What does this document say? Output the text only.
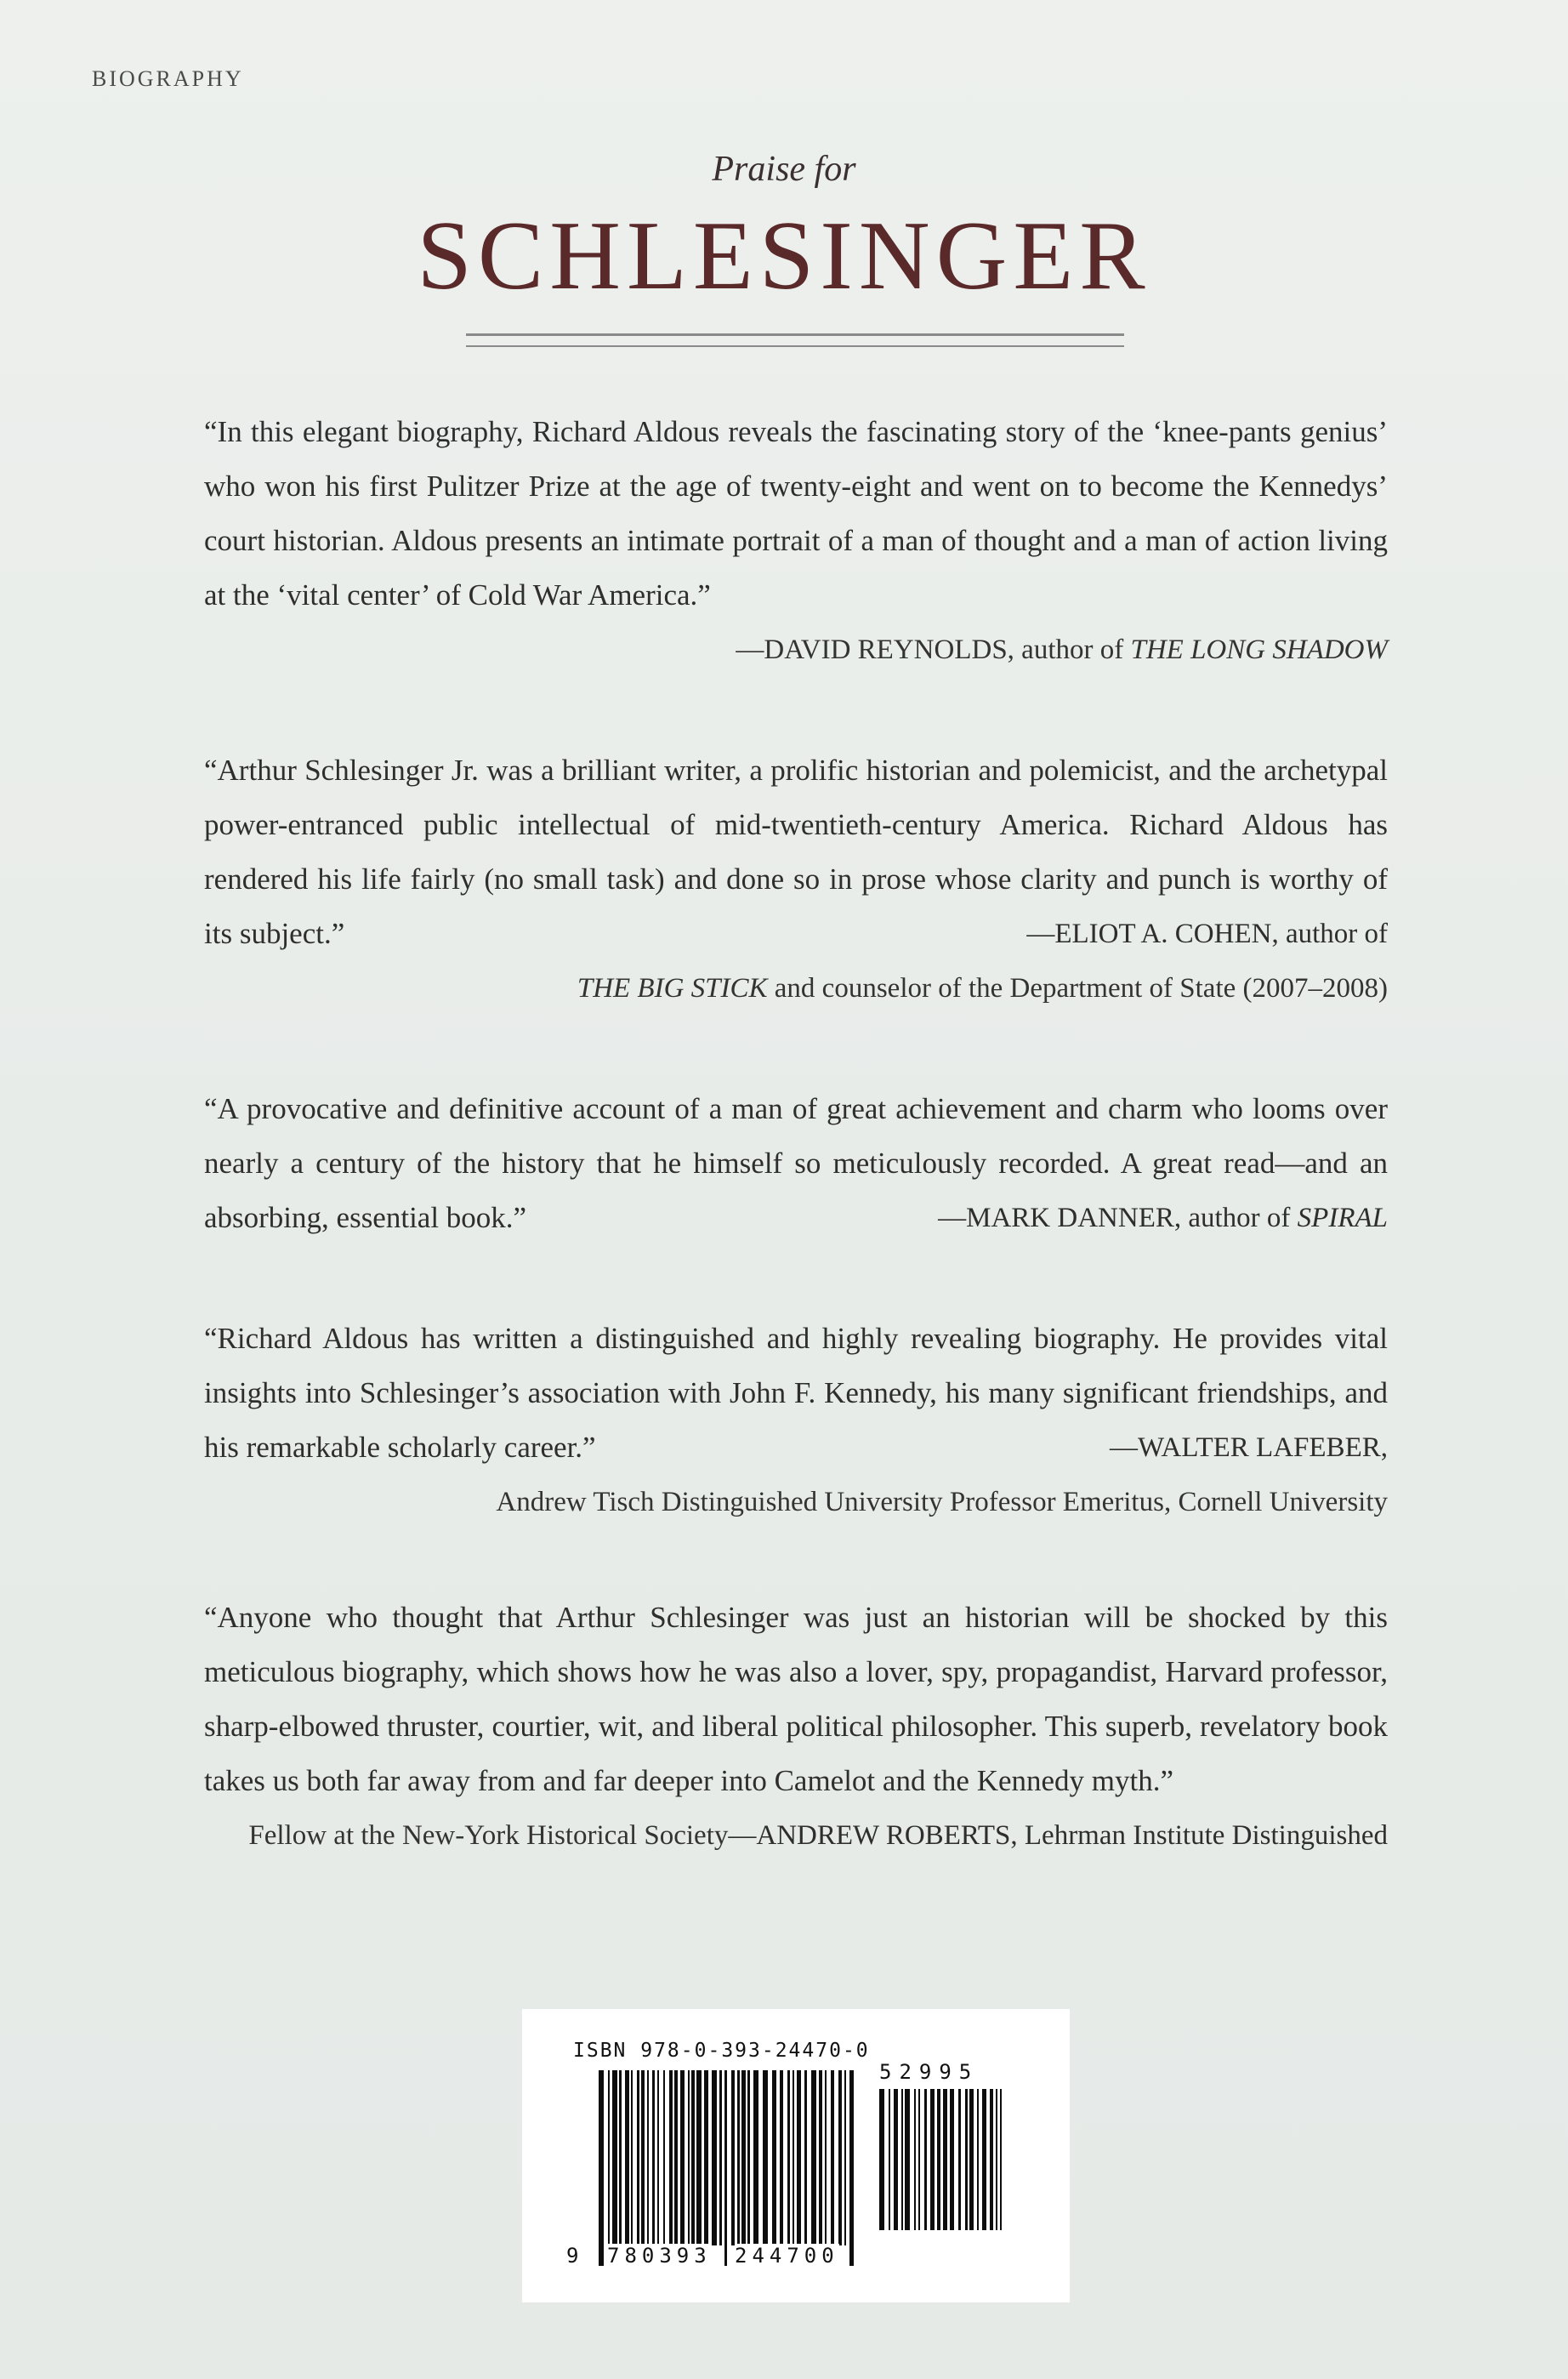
BIOGRAPHY
Praise for
SCHLESINGER

“In this elegant biography, Richard Aldous reveals the fascinating story of the ‘knee-pants genius’ who won his first Pulitzer Prize at the age of twenty-eight and went on to become the Kennedys’ court historian. Aldous presents an intimate portrait of a man of thought and a man of action living at the ‘vital center’ of Cold War America.”

—DAVID REYNOLDS, author of THE LONG SHADOW

“Arthur Schlesinger Jr. was a brilliant writer, a prolific historian and polemicist, and the archetypal power-entranced public intellectual of mid-twentieth-century America. Richard Aldous has rendered his life fairly (no small task) and done so in prose whose clarity and punch is worthy of its subject.”	—ELIOT A. COHEN, author of

THE BIG STICK and counselor of the Department of State (2007–2008)

“A provocative and definitive account of a man of great achievement and charm who looms over nearly a century of the history that he himself so meticulously recorded. A great read—and an absorbing, essential book.”	—MARK DANNER, author of SPIRAL

“Richard Aldous has written a distinguished and highly revealing biography. He provides vital insights into Schlesinger’s association with John F. Kennedy, his many significant friendships, and his remarkable scholarly career.”	—WALTER LAFEBER,

Andrew Tisch Distinguished University Professor Emeritus, Cornell University

“Anyone who thought that Arthur Schlesinger was just an historian will be shocked by this meticulous biography, which shows how he was also a lover, spy, propagandist, Harvard professor, sharp-elbowed thruster, courtier, wit, and liberal political philosopher. This superb, revelatory book takes us both far away from and far deeper into Camelot and the Kennedy myth.”
—ANDREW ROBERTS, Lehrman Institute Distinguished

Fellow at the New-York Historical Society

ISBN 978-0-393-24470-0
52995
9 780393 244700
